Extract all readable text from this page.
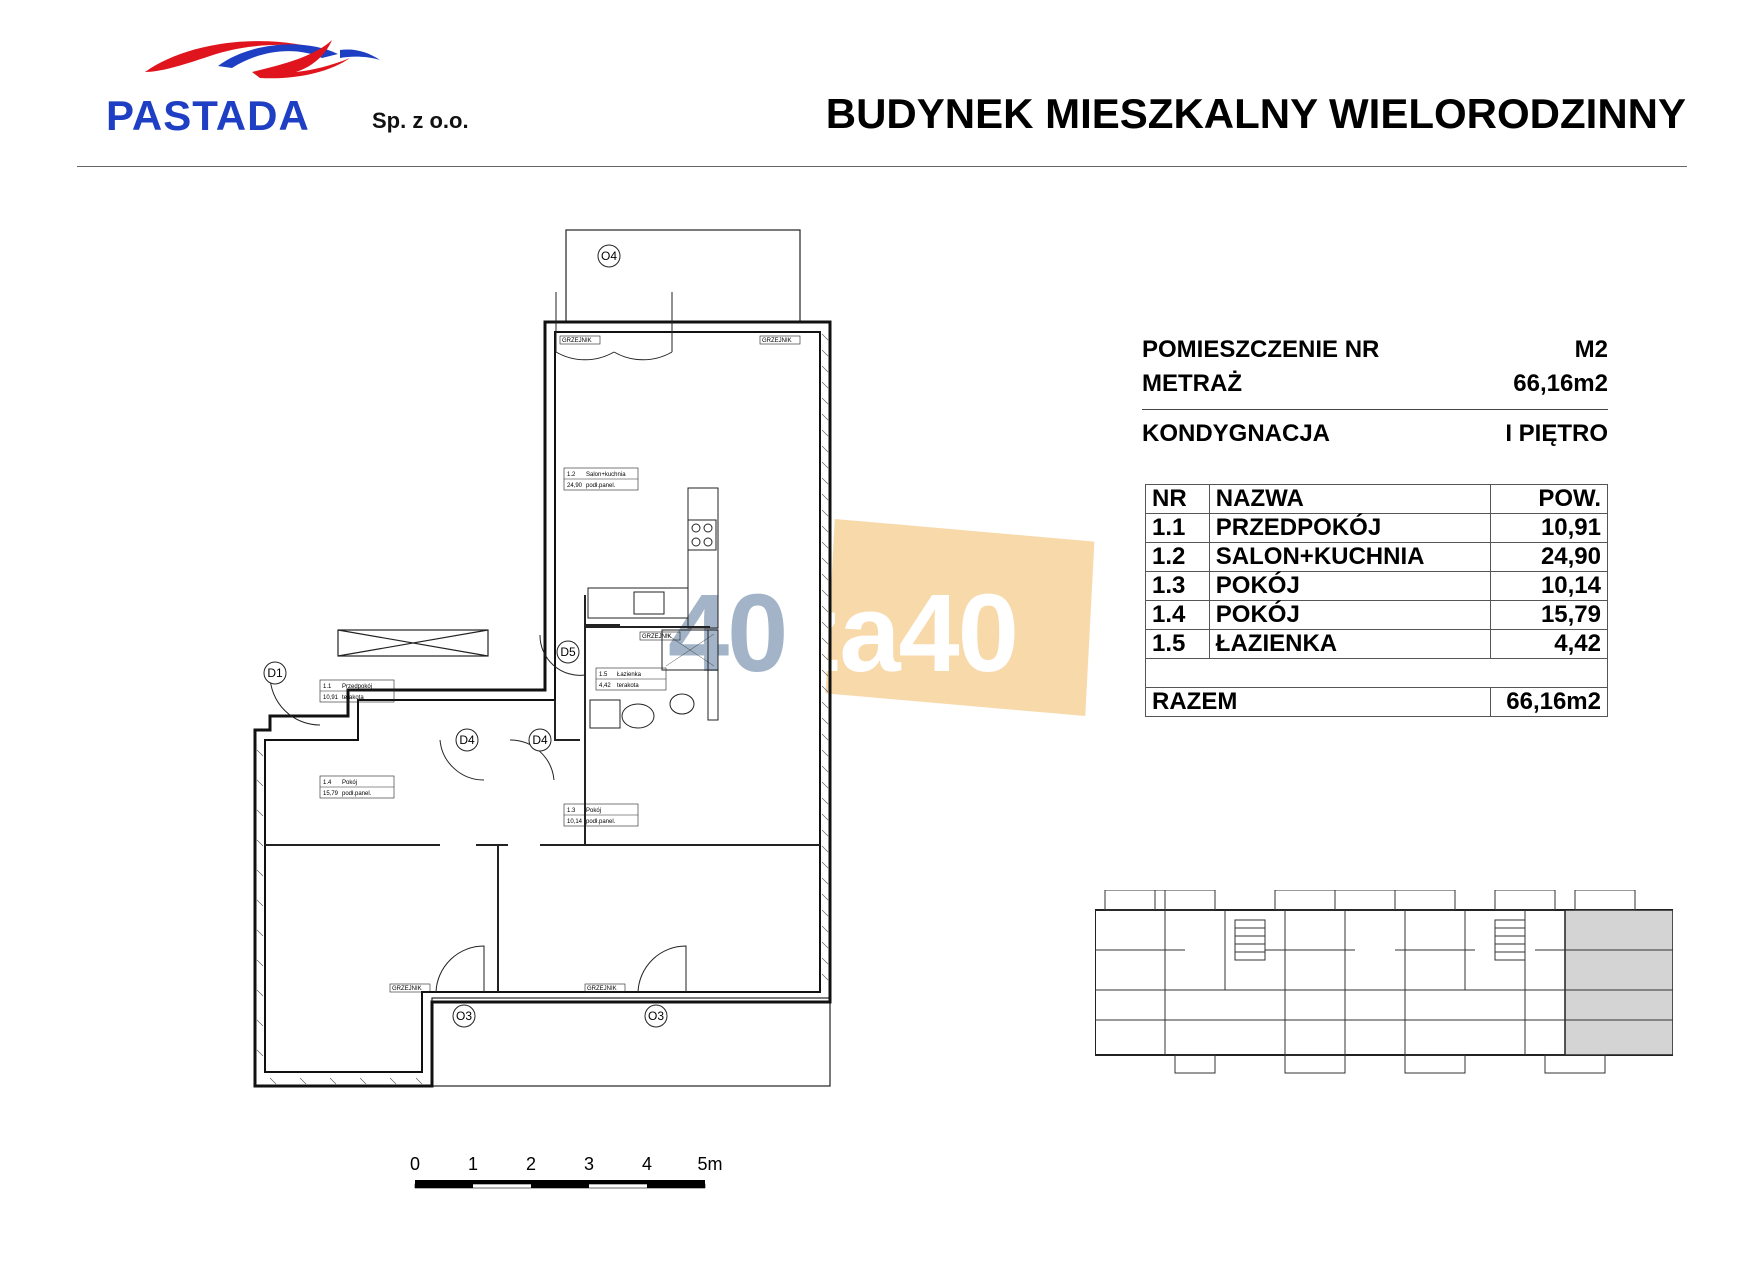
PASTADA	Sp. z o.o.	BUDYNEK MIESZKALNY WIELORODZINNY
POMIESZCZENIE NR	M2
METRAŻ	66,16m2
KONDYGNACJA	I PIĘTRO
NR	NAZWA	POW.
1.1	PRZEDPOKÓJ	10,91
1.2	SALON+KUCHNIA	24,90
1.3	POKÓJ	10,14
1.4	POKÓJ	15,79
1.5	ŁAZIENKA	4,42

RAZEM		66,16m2
40za40
O4
D1
D4	D4
D5
O3	O3
GRZEJNIK	GRZEJNIK
GRZEJNIK
GRZEJNIK	GRZEJNIK
1.2 Salon+kuchnia
24,90 podł.panel.
1.1 Przedpokój
10,91 terakota
1.5 Łazienka
4,42 terakota
1.4 Pokój
15,79 podł.panel.
1.3 Pokój
10,14 podł.panel.
0	1	2	3	4	5m
